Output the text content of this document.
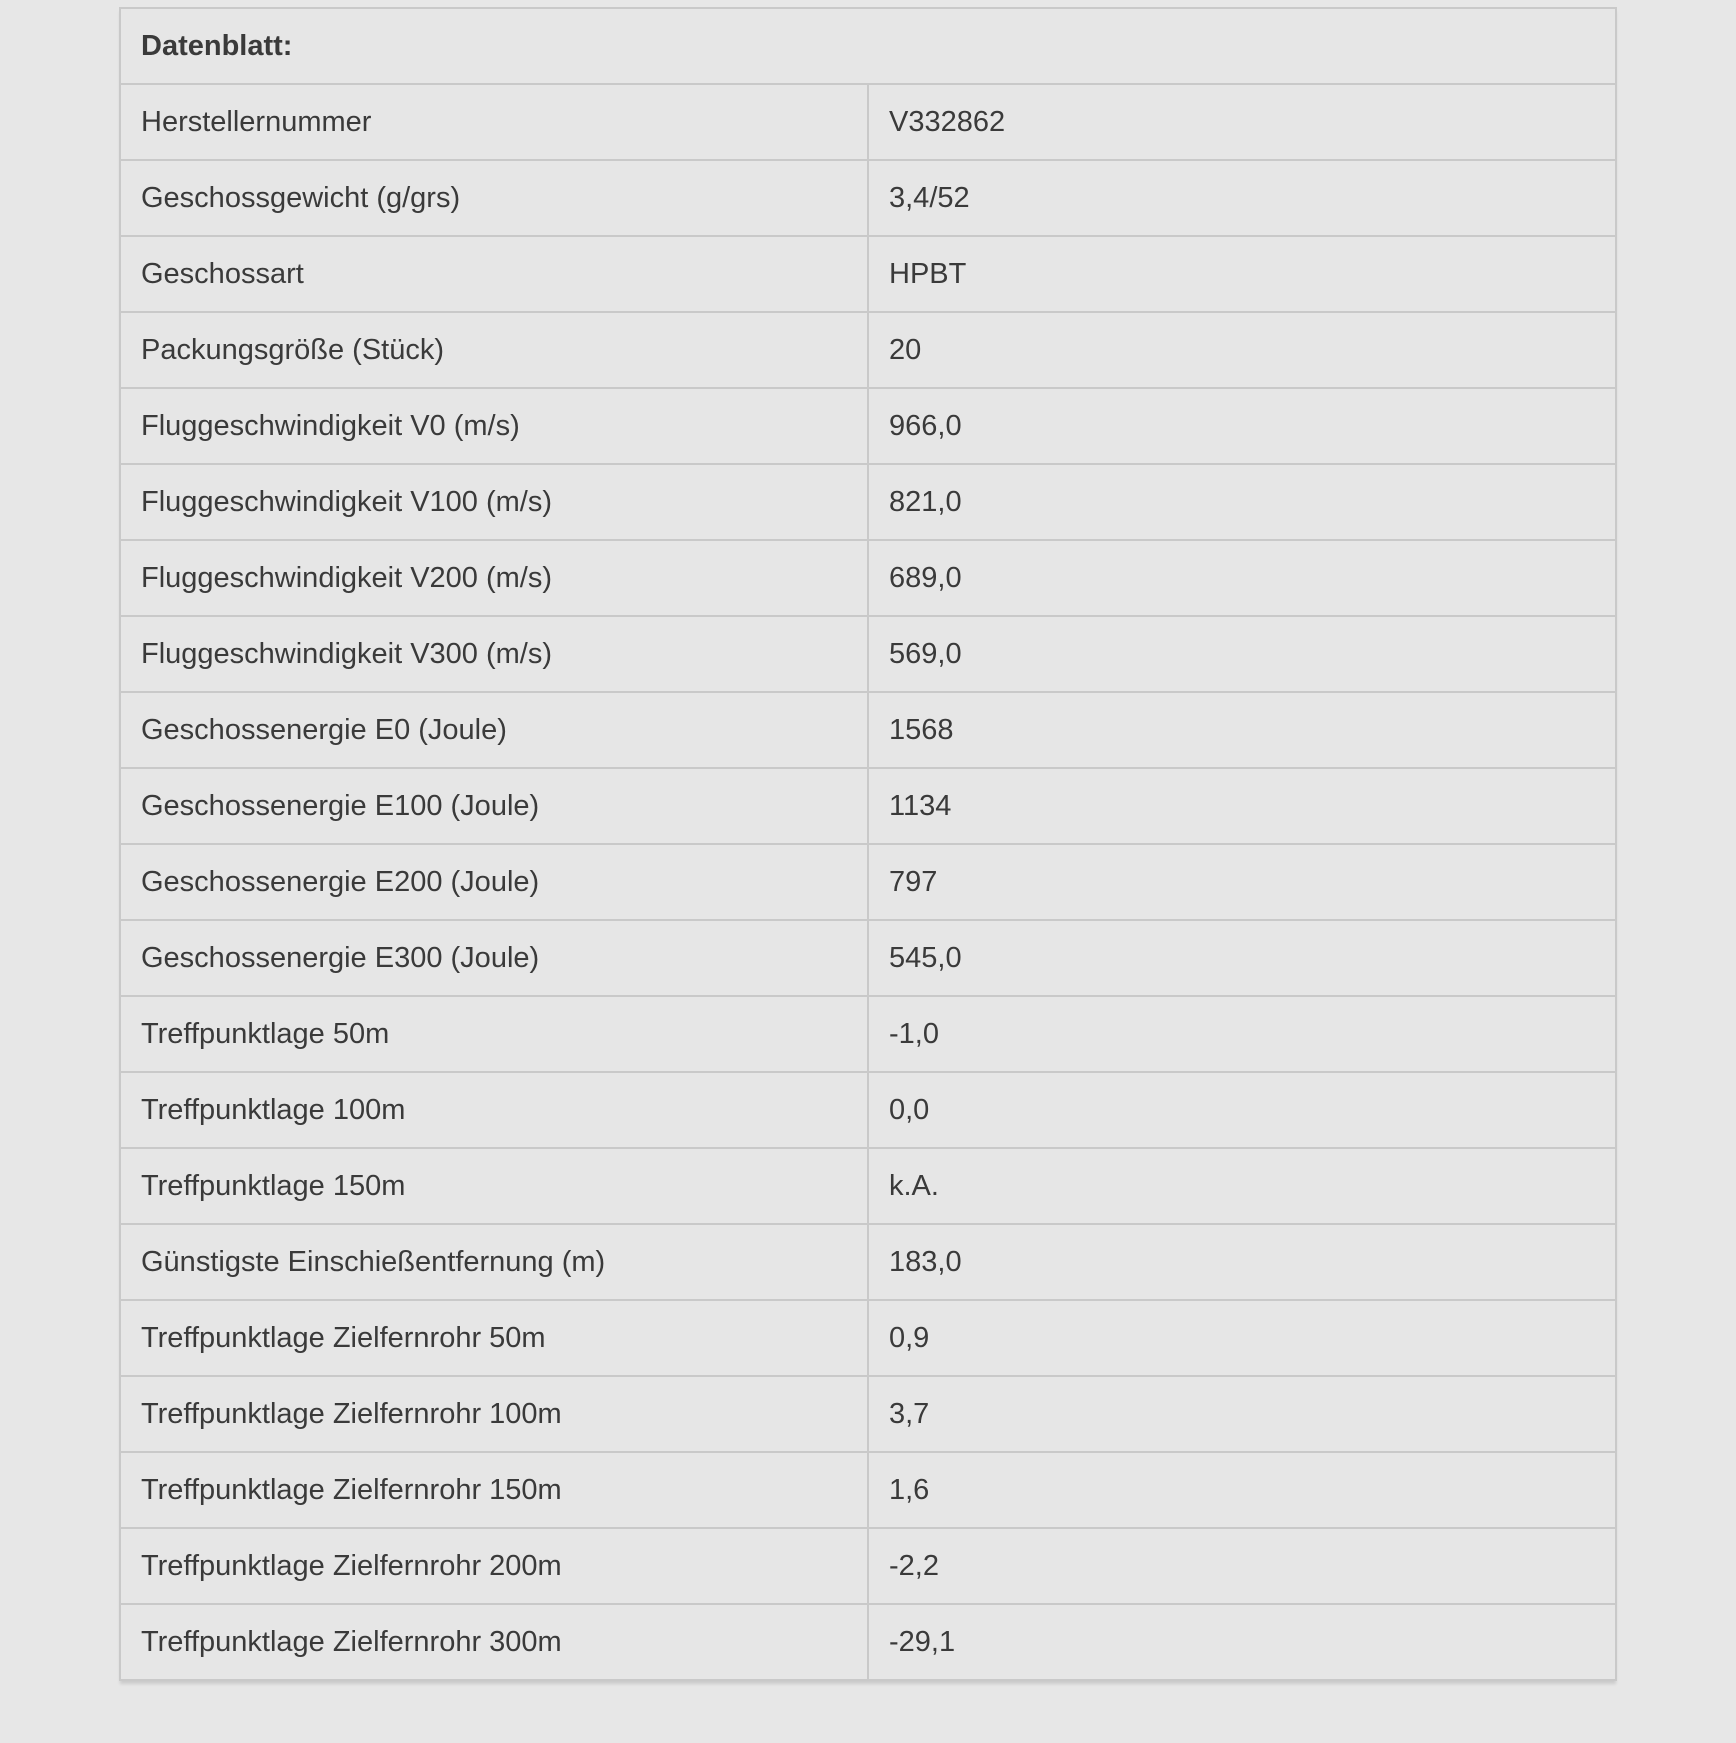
Datenblatt:	
Herstellernummer	V332862
Geschossgewicht (g/grs)	3,4/52
Geschossart	HPBT
Packungsgröße (Stück)	20
Fluggeschwindigkeit V0 (m/s)	966,0
Fluggeschwindigkeit V100 (m/s)	821,0
Fluggeschwindigkeit V200 (m/s)	689,0
Fluggeschwindigkeit V300 (m/s)	569,0
Geschossenergie E0 (Joule)	1568
Geschossenergie E100 (Joule)	1134
Geschossenergie E200 (Joule)	797
Geschossenergie E300 (Joule)	545,0
Treffpunktlage 50m	-1,0
Treffpunktlage 100m	0,0
Treffpunktlage 150m	k.A.
Günstigste Einschießentfernung (m)	183,0
Treffpunktlage Zielfernrohr 50m	0,9
Treffpunktlage Zielfernrohr 100m	3,7
Treffpunktlage Zielfernrohr 150m	1,6
Treffpunktlage Zielfernrohr 200m	-2,2
Treffpunktlage Zielfernrohr 300m	-29,1
